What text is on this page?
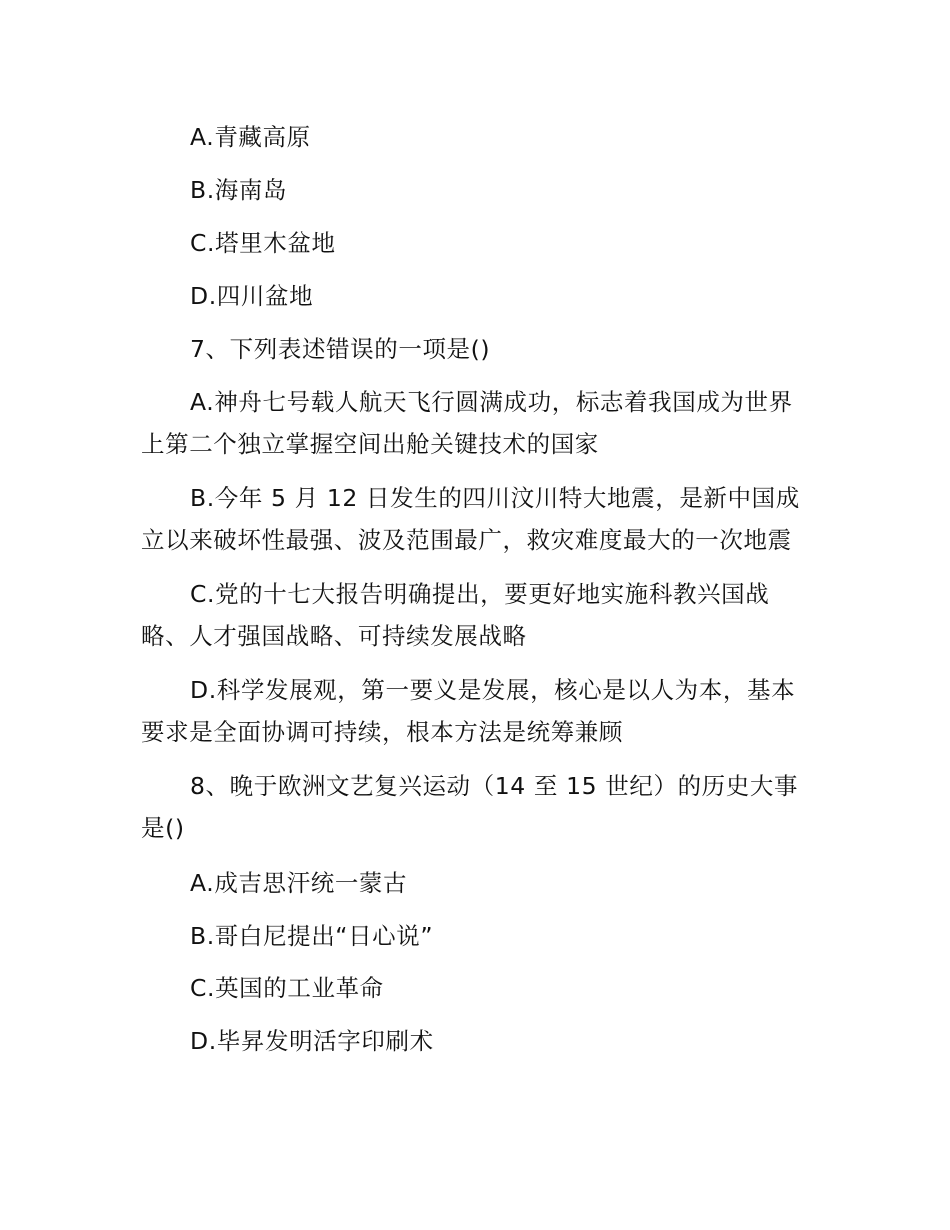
A.青藏高原

B.海南岛

C.塔里木盆地

D.四川盆地

7、下列表述错误的一项是()

A.神舟七号载人航天飞行圆满成功，标志着我国成为世界上第二个独立掌握空间出舱关键技术的国家

B.今年 5 月 12 日发生的四川汶川特大地震，是新中国成立以来破坏性最强、波及范围最广，救灾难度最大的一次地震

C.党的十七大报告明确提出，要更好地实施科教兴国战略、人才强国战略、可持续发展战略

D.科学发展观，第一要义是发展，核心是以人为本，基本要求是全面协调可持续，根本方法是统筹兼顾

8、晚于欧洲文艺复兴运动（14 至 15 世纪）的历史大事是()

A.成吉思汗统一蒙古

B.哥白尼提出“日心说”

C.英国的工业革命

D.毕昇发明活字印刷术
